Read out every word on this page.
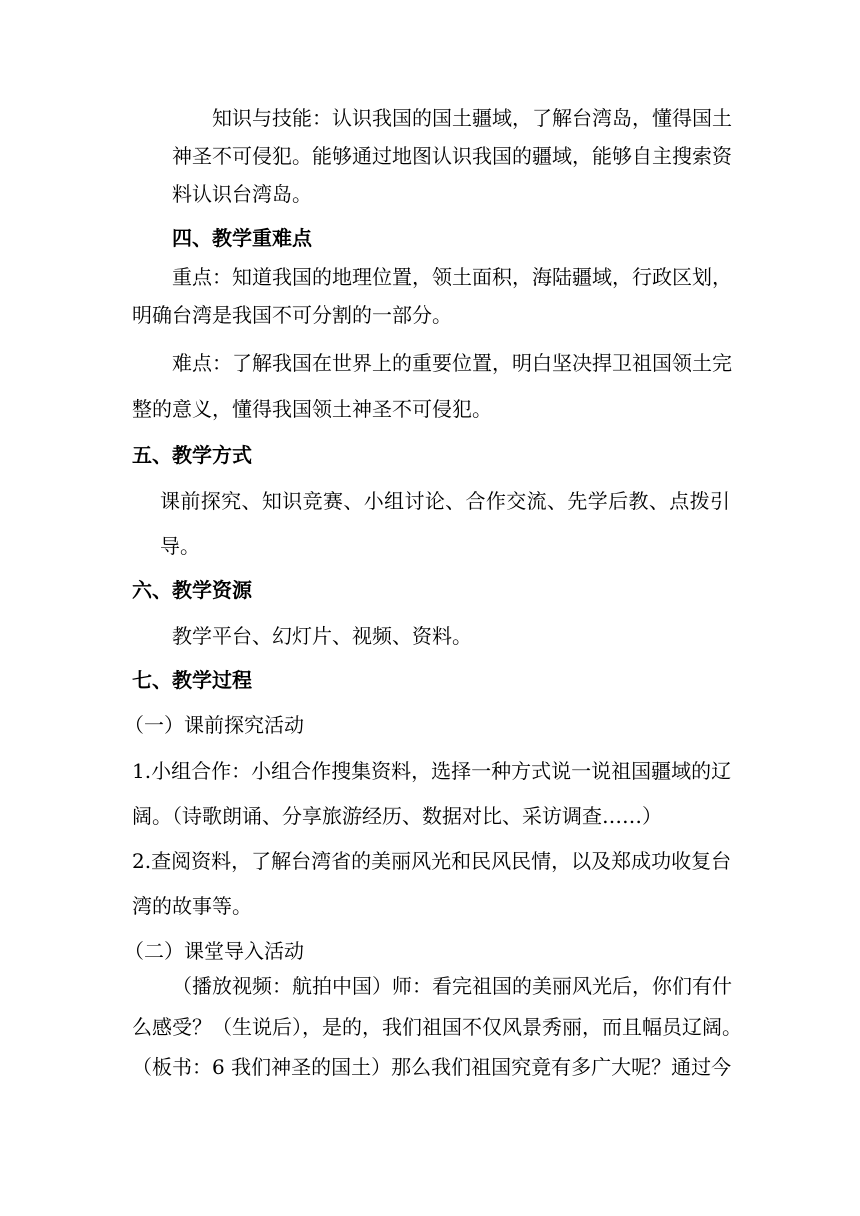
知识与技能：认识我国的国土疆域，了解台湾岛，懂得国土
神圣不可侵犯。能够通过地图认识我国的疆域，能够自主搜索资
料认识台湾岛。
四、教学重难点
重点：知道我国的地理位置，领土面积，海陆疆域，行政区划，
明确台湾是我国不可分割的一部分。
难点：了解我国在世界上的重要位置，明白坚决捍卫祖国领土完
整的意义，懂得我国领土神圣不可侵犯。
五、教学方式
课前探究、知识竞赛、小组讨论、合作交流、先学后教、点拨引
导。
六、教学资源
教学平台、幻灯片、视频、资料。
七、教学过程
（一）课前探究活动
1.小组合作：小组合作搜集资料，选择一种方式说一说祖国疆域的辽
阔。（诗歌朗诵、分享旅游经历、数据对比、采访调查……）
2.查阅资料，了解台湾省的美丽风光和民风民情，以及郑成功收复台
湾的故事等。
（二）课堂导入活动
（播放视频：航拍中国）师：看完祖国的美丽风光后，你们有什
么感受？（生说后），是的，我们祖国不仅风景秀丽，而且幅员辽阔。
（板书：6 我们神圣的国土）那么我们祖国究竟有多广大呢？通过今
